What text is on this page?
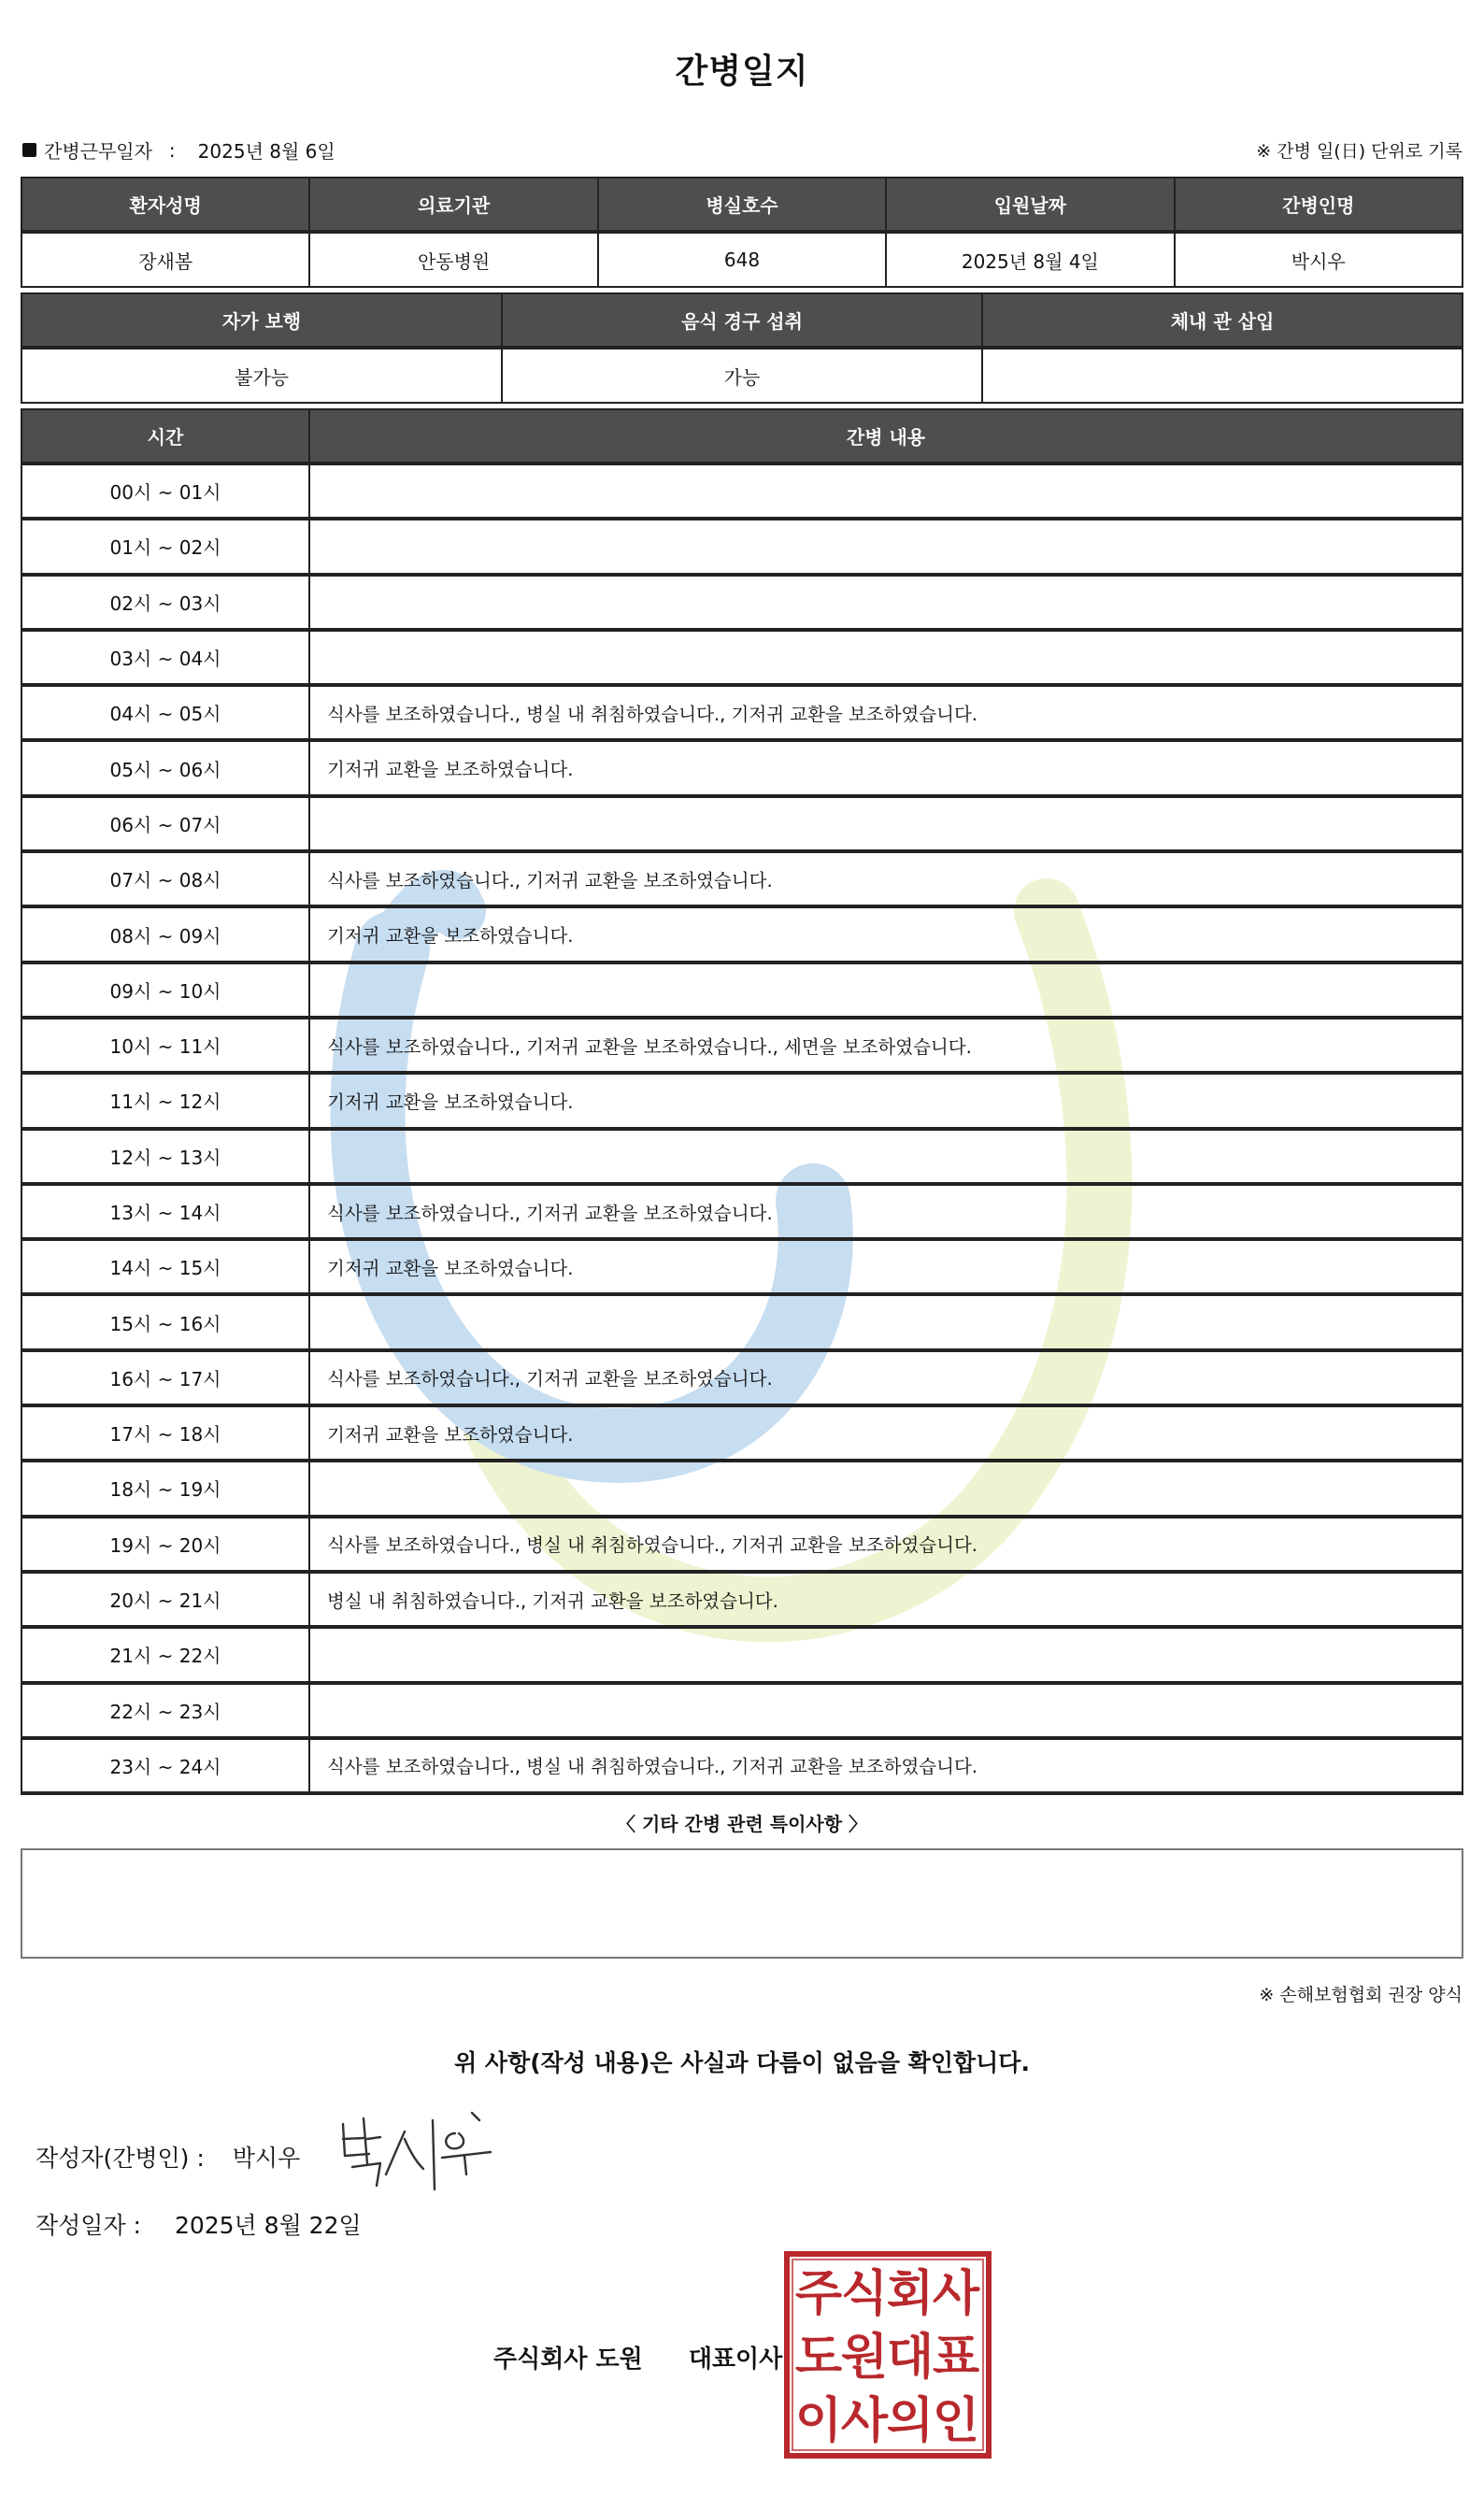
간병일지
간병근무일자 : 2025년 8월 6일	※ 간병 일(日) 단위로 기록
환자성명	의료기관	병실호수	입원날짜	간병인명
장새봄	안동병원	648	2025년 8월 4일	박시우
자가 보행	음식 경구 섭취	체내 관 삽입
불가능	가능	
시간	간병 내용
00시 ~ 01시	
01시 ~ 02시	
02시 ~ 03시	
03시 ~ 04시	
04시 ~ 05시	식사를 보조하였습니다., 병실 내 취침하였습니다., 기저귀 교환을 보조하였습니다.
05시 ~ 06시	기저귀 교환을 보조하였습니다.
06시 ~ 07시	
07시 ~ 08시	식사를 보조하였습니다., 기저귀 교환을 보조하였습니다.
08시 ~ 09시	기저귀 교환을 보조하였습니다.
09시 ~ 10시	
10시 ~ 11시	식사를 보조하였습니다., 기저귀 교환을 보조하였습니다., 세면을 보조하였습니다.
11시 ~ 12시	기저귀 교환을 보조하였습니다.
12시 ~ 13시	
13시 ~ 14시	식사를 보조하였습니다., 기저귀 교환을 보조하였습니다.
14시 ~ 15시	기저귀 교환을 보조하였습니다.
15시 ~ 16시	
16시 ~ 17시	식사를 보조하였습니다., 기저귀 교환을 보조하였습니다.
17시 ~ 18시	기저귀 교환을 보조하였습니다.
18시 ~ 19시	
19시 ~ 20시	식사를 보조하였습니다., 병실 내 취침하였습니다., 기저귀 교환을 보조하였습니다.
20시 ~ 21시	병실 내 취침하였습니다., 기저귀 교환을 보조하였습니다.
21시 ~ 22시	
22시 ~ 23시	
23시 ~ 24시	식사를 보조하였습니다., 병실 내 취침하였습니다., 기저귀 교환을 보조하였습니다.
〈 기타 간병 관련 특이사항 〉
※ 손해보험협회 권장 양식
위 사항(작성 내용)은 사실과 다름이 없음을 확인합니다.
작성자(간병인) : 박시우
작성일자 : 2025년 8월 22일
주식회사 도원 대표이사
주
식
회
사
도
원
대
표
이
사
의
인
